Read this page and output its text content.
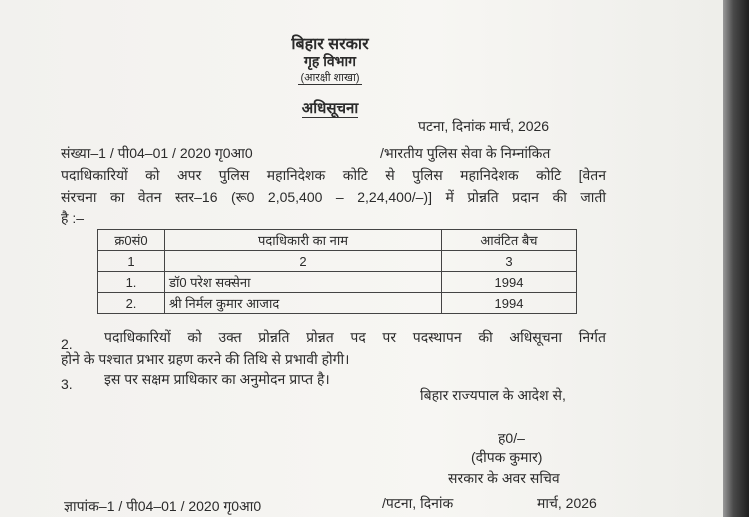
बिहार सरकार
गृह विभाग
(आरक्षी शाखा)
अधिसूचना
पटना, दिनांक मार्च, 2026
संख्या–1 / पी04–01 / 2020 गृ0आ0	/भारतीय पुलिस सेवा के निम्नांकित
पदाधिकारियों को अपर पुलिस महानिदेशक कोटि से पुलिस महानिदेशक कोटि [वेतन
संरचना का वेतन स्तर–16 (रू0 2,05,400 – 2,24,400/–)] में प्रोन्नति प्रदान की जाती
है :–
क्र0सं0	पदाधिकारी का नाम	आवंटित बैच
1	2	3
1.	डॉ0 परेश सक्सेना	1994
2.	श्री निर्मल कुमार आजाद	1994
2. पदाधिकारियों को उक्त प्रोन्नति प्रोन्नत पद पर पदस्थापन की अधिसूचना निर्गत
होने के पश्चात प्रभार ग्रहण करने की तिथि से प्रभावी होगी।
3. इस पर सक्षम प्राधिकार का अनुमोदन प्राप्त है।
बिहार राज्यपाल के आदेश से,
ह0/–
(दीपक कुमार)
सरकार के अवर सचिव
ज्ञापांक–1 / पी04–01 / 2020 गृ0आ0	/पटना, दिनांक	मार्च, 2026
